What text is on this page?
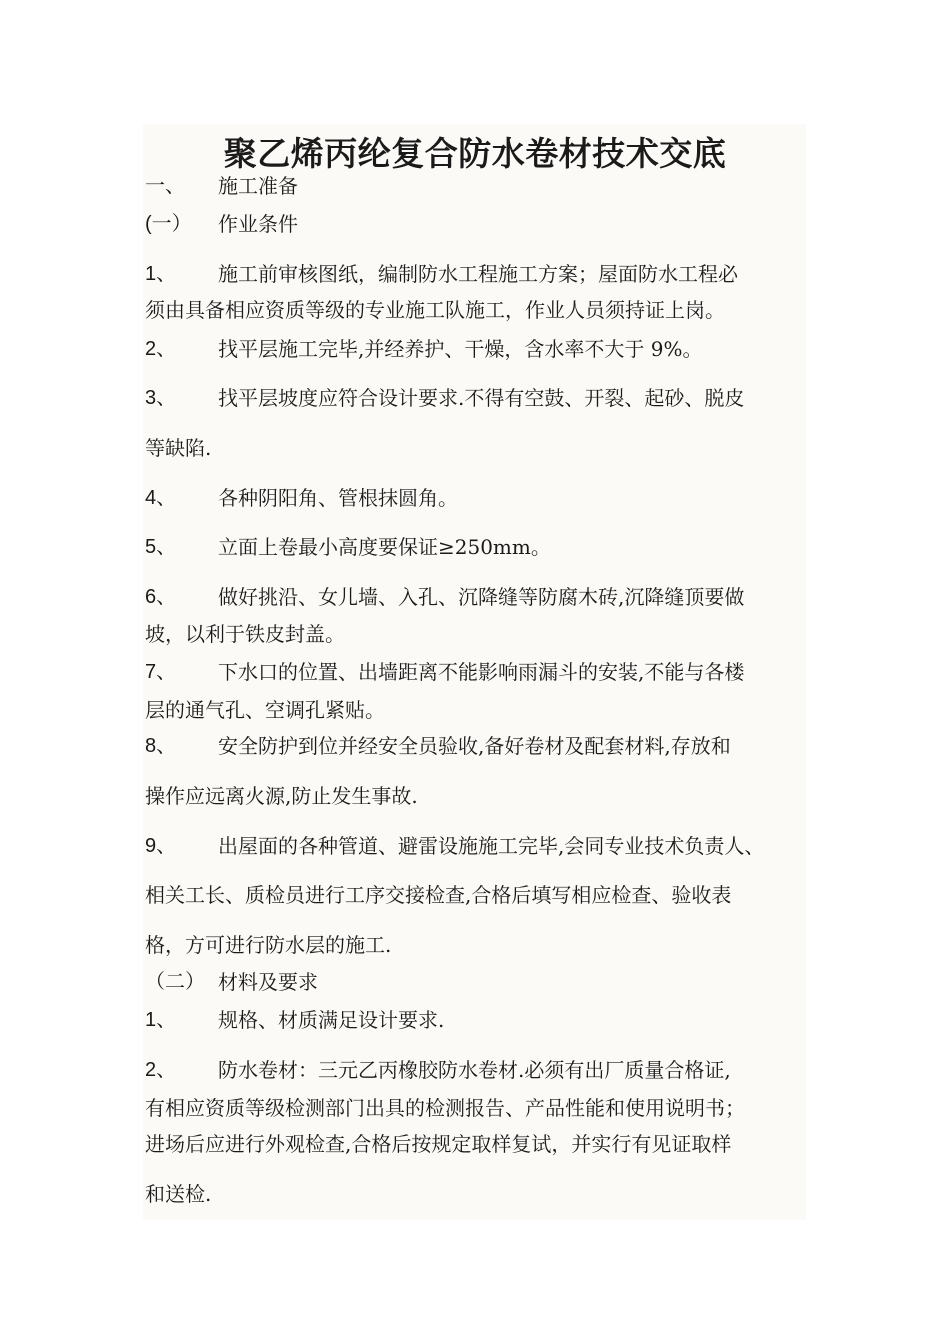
聚乙烯丙纶复合防水卷材技术交底
一、 施工准备
(一） 作业条件
1、 施工前审核图纸，编制防水工程施工方案；屋面防水工程必
须由具备相应资质等级的专业施工队施工，作业人员须持证上岗。
2、 找平层施工完毕,并经养护、干燥，含水率不大于 9%。
3、 找平层坡度应符合设计要求.不得有空鼓、开裂、起砂、脱皮
等缺陷.
4、 各种阴阳角、管根抹圆角。
5、 立面上卷最小高度要保证≥250mm。
6、 做好挑沿、女儿墙、入孔、沉降缝等防腐木砖,沉降缝顶要做
坡，以利于铁皮封盖。
7、 下水口的位置、出墙距离不能影响雨漏斗的安装,不能与各楼
层的通气孔、空调孔紧贴。
8、 安全防护到位并经安全员验收,备好卷材及配套材料,存放和
操作应远离火源,防止发生事故.
9、 出屋面的各种管道、避雷设施施工完毕,会同专业技术负责人、
相关工长、质检员进行工序交接检查,合格后填写相应检查、验收表
格，方可进行防水层的施工.
（二） 材料及要求
1、 规格、材质满足设计要求.
2、 防水卷材：三元乙丙橡胶防水卷材.必须有出厂质量合格证,
有相应资质等级检测部门出具的检测报告、产品性能和使用说明书；
进场后应进行外观检查,合格后按规定取样复试，并实行有见证取样
和送检.
